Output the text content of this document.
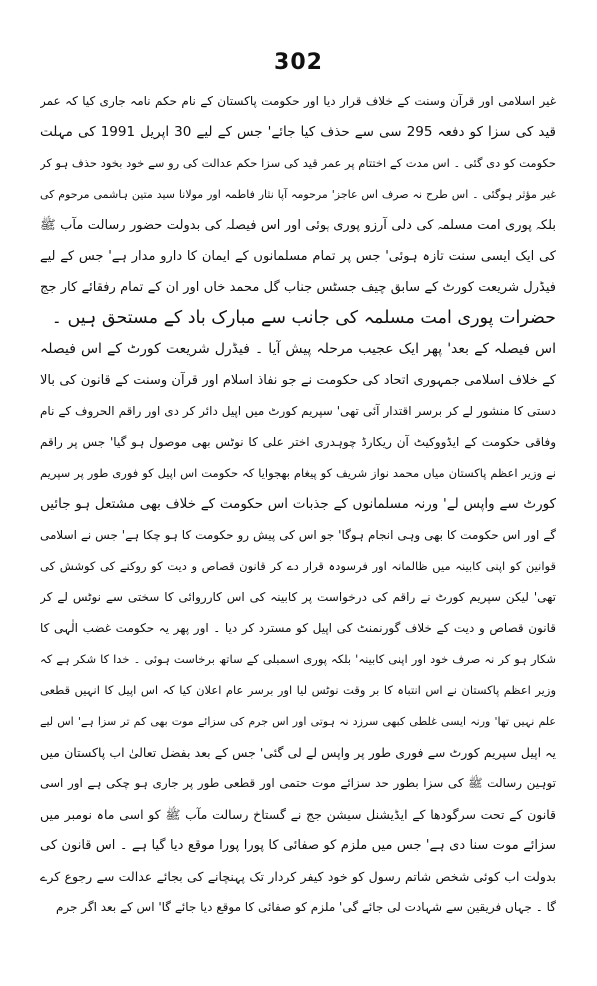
302
غیر اسلامی اور قرآن وسنت کے خلاف قرار دیا اور حکومت پاکستان کے نام حکم نامہ جاری کیا کہ عمر
قید کی سزا کو دفعہ 295 سی سے حذف کیا جائے' جس کے لیے 30 اپریل 1991 کی مہلت
حکومت کو دی گئی ۔ اس مدت کے اختتام پر عمر قید کی سزا حکم عدالت کی رو سے خود بخود حذف ہو کر
غیر مؤثر ہوگئی ۔ اس طرح نہ صرف اس عاجز' مرحومہ آپا نثار فاطمہ اور مولانا سید متین ہاشمی مرحوم کی
بلکہ پوری امت مسلمہ کی دلی آرزو پوری ہوئی اور اس فیصلہ کی بدولت حضور رسالت مآب ﷺ
کی ایک ایسی سنت تازہ ہوئی' جس پر تمام مسلمانوں کے ایمان کا دارو مدار ہے' جس کے لیے
فیڈرل شریعت کورٹ کے سابق چیف جسٹس جناب گل محمد خاں اور ان کے تمام رفقائے کار جج
حضرات پوری امت مسلمہ کی جانب سے مبارک باد کے مستحق ہیں ۔
اس فیصلہ کے بعد' پھر ایک عجیب مرحلہ پیش آیا ۔ فیڈرل شریعت کورٹ کے اس فیصلہ
کے خلاف اسلامی جمہوری اتحاد کی حکومت نے جو نفاذ اسلام اور قرآن وسنت کے قانون کی بالا
دستی کا منشور لے کر برسر اقتدار آئی تھی' سپریم کورٹ میں اپیل دائر کر دی اور راقم الحروف کے نام
وفاقی حکومت کے ایڈووکیٹ آن ریکارڈ چوہدری اختر علی کا نوٹس بھی موصول ہو گیا' جس پر راقم
نے وزیر اعظم پاکستان میاں محمد نواز شریف کو پیغام بھجوایا کہ حکومت اس اپیل کو فوری طور پر سپریم
کورٹ سے واپس لے' ورنہ مسلمانوں کے جذبات اس حکومت کے خلاف بھی مشتعل ہو جائیں
گے اور اس حکومت کا بھی وہی انجام ہوگا' جو اس کی پیش رو حکومت کا ہو چکا ہے' جس نے اسلامی
قوانین کو اپنی کابینہ میں ظالمانہ اور فرسودہ قرار دے کر قانون قصاص و دیت کو روکنے کی کوشش کی
تھی' لیکن سپریم کورٹ نے راقم کی درخواست پر کابینہ کی اس کارروائی کا سختی سے نوٹس لے کر
قانون قصاص و دیت کے خلاف گورنمنٹ کی اپیل کو مسترد کر دیا ۔ اور پھر یہ حکومت غضب الٰہی کا
شکار ہو کر نہ صرف خود اور اپنی کابینہ' بلکہ پوری اسمبلی کے ساتھ برخاست ہوئی ۔ خدا کا شکر ہے کہ
وزیر اعظم پاکستان نے اس انتباہ کا بر وقت نوٹس لیا اور برسر عام اعلان کیا کہ اس اپیل کا انہیں قطعی
علم نہیں تھا' ورنہ ایسی غلطی کبھی سرزد نہ ہوتی اور اس جرم کی سزائے موت بھی کم تر سزا ہے' اس لیے
یہ اپیل سپریم کورٹ سے فوری طور پر واپس لے لی گئی' جس کے بعد بفضل تعالیٰ اب پاکستان میں
توہین رسالت ﷺ کی سزا بطور حد سزائے موت حتمی اور قطعی طور پر جاری ہو چکی ہے اور اسی
قانون کے تحت سرگودھا کے ایڈیشنل سیشن جج نے گستاخ رسالت مآب ﷺ کو اسی ماہ نومبر میں
سزائے موت سنا دی ہے' جس میں ملزم کو صفائی کا پورا پورا موقع دیا گیا ہے ۔ اس قانون کی
بدولت اب کوئی شخص شاتم رسول کو خود کیفر کردار تک پہنچانے کی بجائے عدالت سے رجوع کرے
گا ۔ جہاں فریقین سے شہادت لی جائے گی' ملزم کو صفائی کا موقع دیا جائے گا' اس کے بعد اگر جرم
